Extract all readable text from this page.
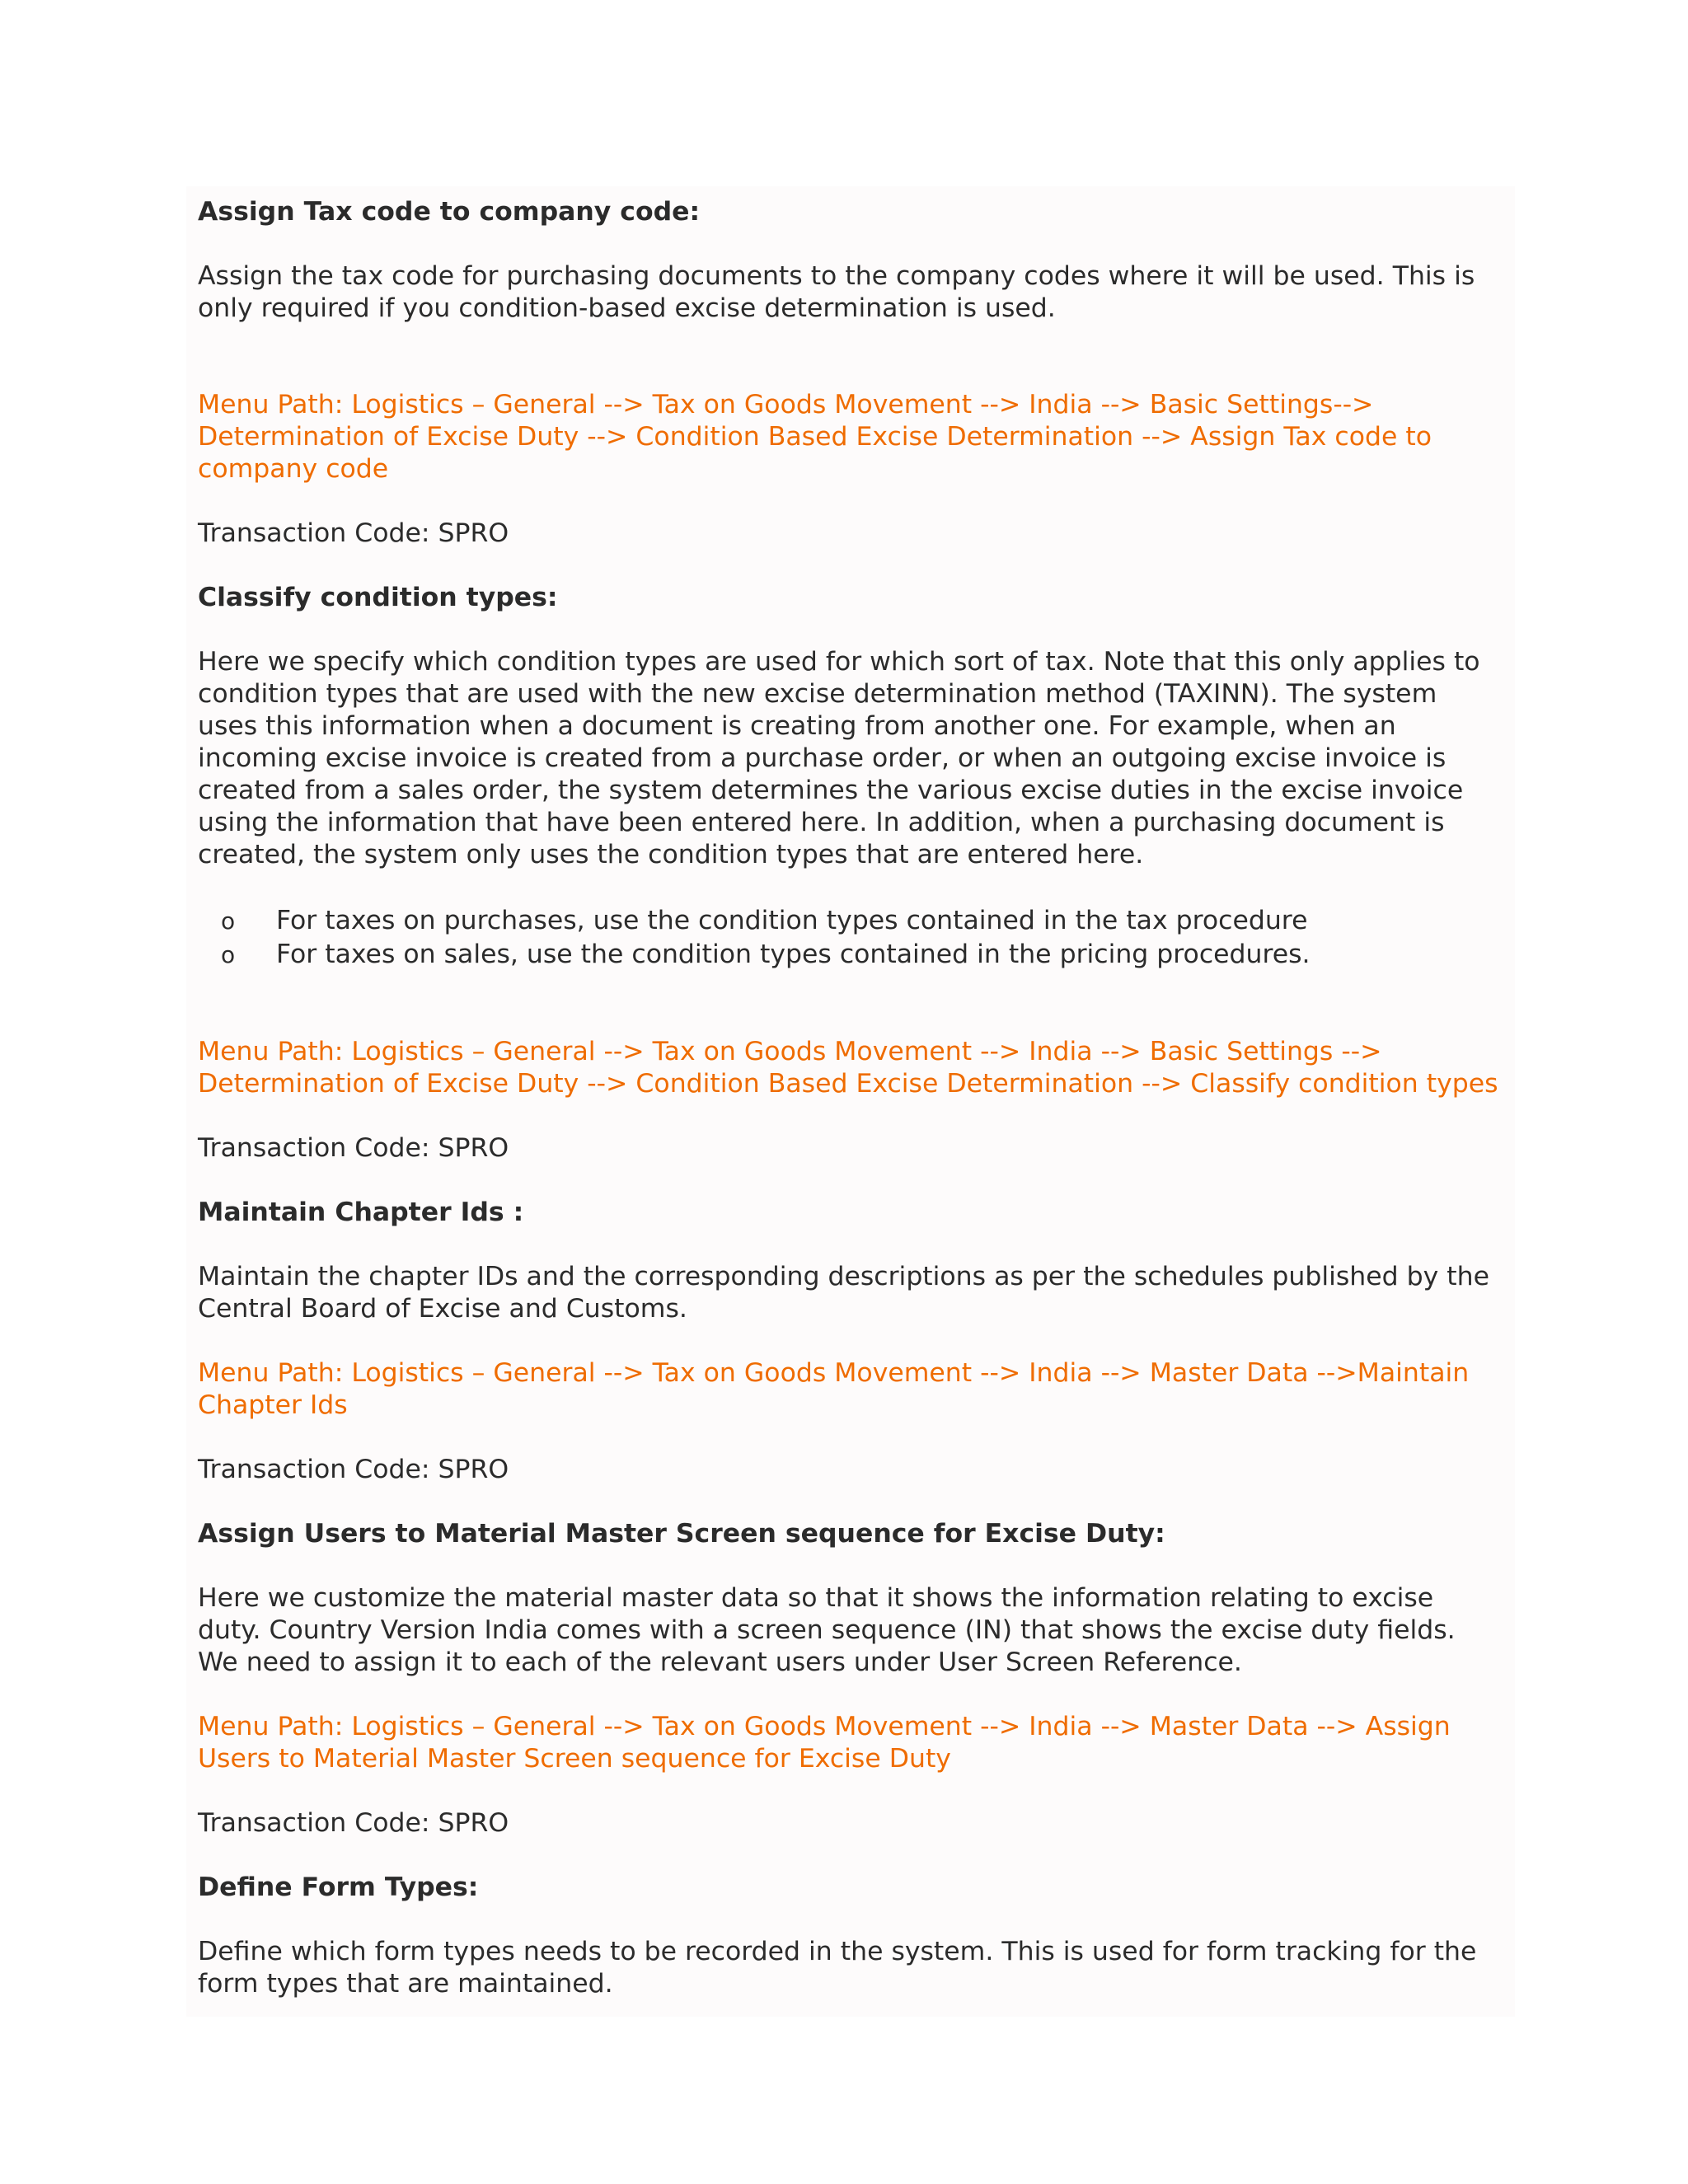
Assign Tax code to company code:

Assign the tax code for purchasing documents to the company codes where it will be used. This is only required if you condition-based excise determination is used.

Menu Path: Logistics – General --> Tax on Goods Movement --> India --> Basic Settings--> Determination of Excise Duty --> Condition Based Excise Determination --> Assign Tax code to company code

Transaction Code: SPRO

Classify condition types:

Here we specify which condition types are used for which sort of tax. Note that this only applies to condition types that are used with the new excise determination method (TAXINN). The system uses this information when a document is creating from another one. For example, when an incoming excise invoice is created from a purchase order, or when an outgoing excise invoice is created from a sales order, the system determines the various excise duties in the excise invoice using the information that have been entered here. In addition, when a purchasing document is created, the system only uses the condition types that are entered here.

o For taxes on purchases, use the condition types contained in the tax procedure
o For taxes on sales, use the condition types contained in the pricing procedures.

Menu Path: Logistics – General --> Tax on Goods Movement --> India --> Basic Settings --> Determination of Excise Duty --> Condition Based Excise Determination --> Classify condition types

Transaction Code: SPRO

Maintain Chapter Ids :

Maintain the chapter IDs and the corresponding descriptions as per the schedules published by the Central Board of Excise and Customs.

Menu Path: Logistics – General --> Tax on Goods Movement --> India --> Master Data -->Maintain Chapter Ids

Transaction Code: SPRO

Assign Users to Material Master Screen sequence for Excise Duty:

Here we customize the material master data so that it shows the information relating to excise duty. Country Version India comes with a screen sequence (IN) that shows the excise duty fields. We need to assign it to each of the relevant users under User Screen Reference.

Menu Path: Logistics – General --> Tax on Goods Movement --> India --> Master Data --> Assign Users to Material Master Screen sequence for Excise Duty

Transaction Code: SPRO

Define Form Types:

Define which form types needs to be recorded in the system. This is used for form tracking for the form types that are maintained.
